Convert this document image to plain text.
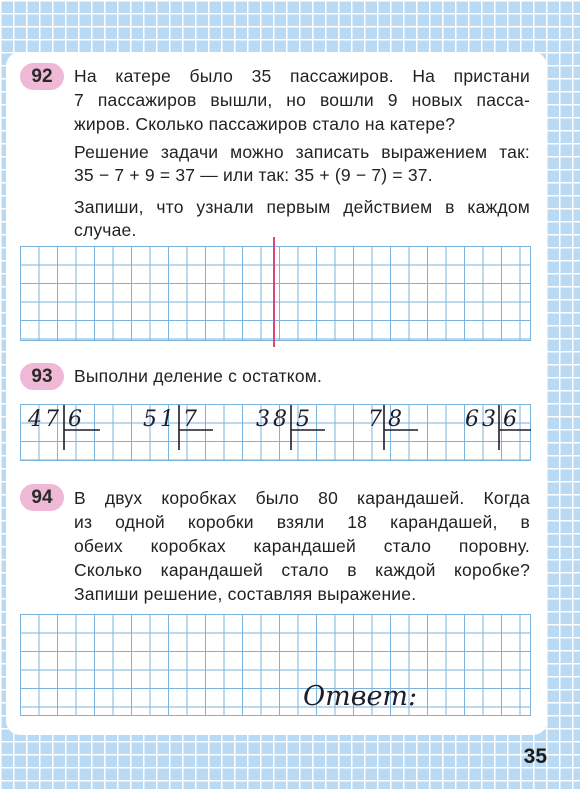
92	На катере было 35 пассажиров. На пристани
7 пассажиров вышли, но вошли 9 новых пасса-
жиров. Сколько пассажиров стало на катере?
Решение задачи можно записать выражением так:
35 − 7 + 9 = 37 — или так: 35 + (9 − 7) = 37.
Запиши, что узнали первым действием в каждом
случае.
93	Выполни деление с остатком.
47 6	51 7	38 5	7 8	63 6
94	В двух коробках было 80 карандашей. Когда
из одной коробки взяли 18 карандашей, в
обеих коробках карандашей стало поровну.
Сколько карандашей стало в каждой коробке?
Запиши решение, составляя выражение.
Ответ:
35
